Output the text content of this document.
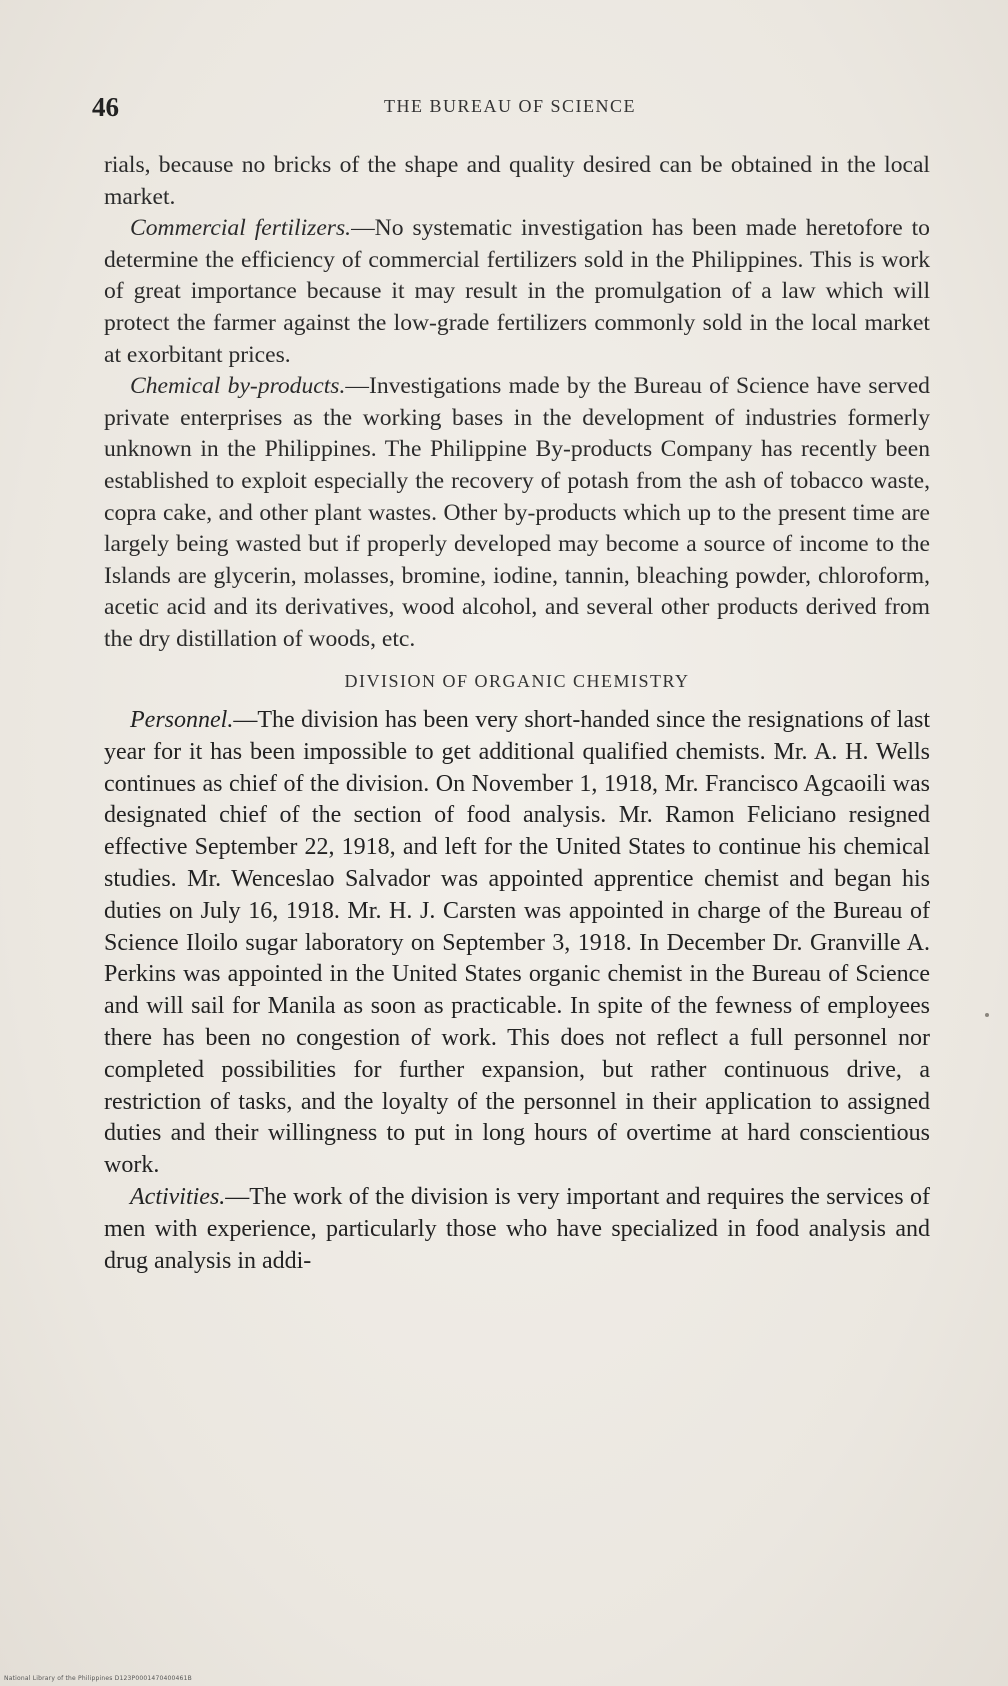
46	THE BUREAU OF SCIENCE

rials, because no bricks of the shape and quality desired can be obtained in the local market.

Commercial fertilizers.—No systematic investigation has been made heretofore to determine the efficiency of commercial fertilizers sold in the Philippines. This is work of great importance because it may result in the promulgation of a law which will protect the farmer against the low-grade fertilizers commonly sold in the local market at exorbitant prices.

Chemical by-products.—Investigations made by the Bureau of Science have served private enterprises as the working bases in the development of industries formerly unknown in the Philippines. The Philippine By-products Company has recently been established to exploit especially the recovery of potash from the ash of tobacco waste, copra cake, and other plant wastes. Other by-products which up to the present time are largely being wasted but if properly developed may become a source of income to the Islands are glycerin, molasses, bromine, iodine, tannin, bleaching powder, chloroform, acetic acid and its derivatives, wood alcohol, and several other products derived from the dry distillation of woods, etc.

DIVISION OF ORGANIC CHEMISTRY

Personnel.—The division has been very short-handed since the resignations of last year for it has been impossible to get additional qualified chemists. Mr. A. H. Wells continues as chief of the division. On November 1, 1918, Mr. Francisco Agcaoili was designated chief of the section of food analysis. Mr. Ramon Feliciano resigned effective September 22, 1918, and left for the United States to continue his chemical studies. Mr. Wenceslao Salvador was appointed apprentice chemist and began his duties on July 16, 1918. Mr. H. J. Carsten was appointed in charge of the Bureau of Science Iloilo sugar laboratory on September 3, 1918. In December Dr. Granville A. Perkins was appointed in the United States organic chemist in the Bureau of Science and will sail for Manila as soon as practicable. In spite of the fewness of employees there has been no congestion of work. This does not reflect a full personnel nor completed possibilities for further expansion, but rather continuous drive, a restriction of tasks, and the loyalty of the personnel in their application to assigned duties and their willingness to put in long hours of overtime at hard conscientious work.

Activities.—The work of the division is very important and requires the services of men with experience, particularly those who have specialized in food analysis and drug analysis in addi-

National Library of the Philippines D123P0001470400461B
